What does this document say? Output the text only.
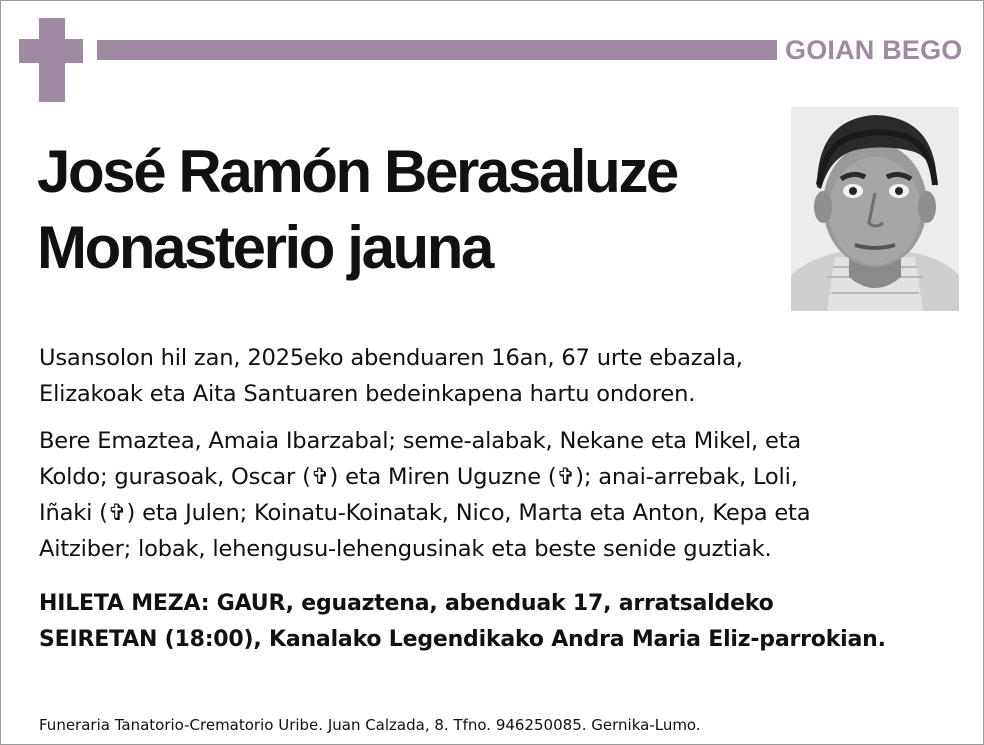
GOIAN BEGO
José Ramón Berasaluze
Monasterio jauna
Usansolon hil zan, 2025eko abenduaren 16an, 67 urte ebazala,
Elizakoak eta Aita Santuaren bedeinkapena hartu ondoren.
Bere Emaztea, Amaia Ibarzabal; seme-alabak, Nekane eta Mikel, eta
Koldo; gurasoak, Oscar (✞) eta Miren Uguzne (✞); anai-arrebak, Loli,
Iñaki (✞) eta Julen; Koinatu-Koinatak, Nico, Marta eta Anton, Kepa eta
Aitziber; lobak, lehengusu-lehengusinak eta beste senide guztiak.
HILETA MEZA: GAUR, eguaztena, abenduak 17, arratsaldeko
SEIRETAN (18:00), Kanalako Legendikako Andra Maria Eliz-parrokian.
Funeraria Tanatorio-Crematorio Uribe. Juan Calzada, 8. Tfno. 946250085. Gernika-Lumo.
